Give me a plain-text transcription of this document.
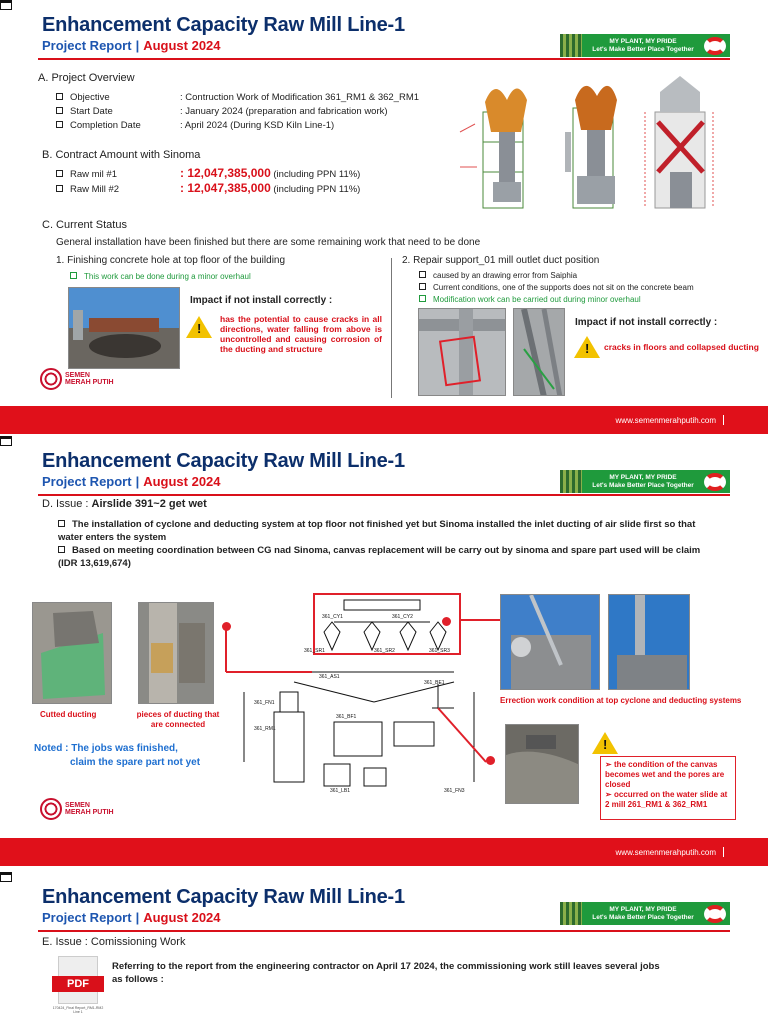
Enhancement Capacity Raw Mill Line-1
Project Report | August 2024	MY PLANT, MY PRIDE
Let's Make Better Place Together
A. Project Overview
Objective	: Contruction Work of Modification 361_RM1 & 362_RM1
Start Date	: January 2024 (preparation and fabrication work)
Completion Date	: April 2024 (During KSD Kiln Line-1)
B. Contract Amount with Sinoma
Raw mil #1	: 12,047,385,000 (including PPN 11%)
Raw Mill #2	: 12,047,385,000 (including PPN 11%)
C. Current Status
General installation have been finished but there are some remaining work that need to be done
1. Finishing concrete hole at top floor of the building
This work can be done during a minor overhaul
Impact if not install correctly :
!
has the potential to cause cracks in all directions, water falling from above is uncontrolled and causing corrosion of the ducting and structure
2. Repair support_01 mill outlet duct position
caused by an drawing error from Saiphia
Current conditions, one of the supports does not sit on the concrete beam
Modification work can be carried out during minor overhaul
Impact if not install correctly :
!
cracks in floors and collapsed ducting
SEMEN
MERAH PUTIH
www.semenmerahputih.com
Enhancement Capacity Raw Mill Line-1
Project Report | August 2024	MY PLANT, MY PRIDE
Let's Make Better Place Together
D. Issue : Airslide 391~2 get wet
The installation of cyclone and deducting system at top floor not finished yet but Sinoma installed the inlet ducting of air slide first so that water enters the system
Based on meeting coordination between CG nad Sinoma, canvas replacement will be carry out by sinoma and spare part used will be claim (IDR 13,619,674)
Cutted ducting	pieces of ducting that are connected
Noted : The jobs was finished,
claim the spare part not yet
361_CY1	361_CY2
361_SR1	361_SR2	361_SR3
361_AS1
361_BE1
361_FN1
361_RM1
361_BF1
361_LB1	361_FN3
Errection work condition at top cyclone and deducting systems
!
➢ the condition of the canvas becomes wet and the pores are closed
➢ occurred on the water slide at 2 mill 261_RM1 & 362_RM1
SEMEN
MERAH PUTIH
www.semenmerahputih.com
Enhancement Capacity Raw Mill Line-1
Project Report | August 2024
MY PLANT, MY PRIDE
Let's Make Better Place Together
E. Issue : Comissioning Work
PDF
170424_Final Report_RM1-RM2 Line 1
Referring to the report from the engineering contractor on April 17 2024, the commissioning work still leaves several jobs as follows :
